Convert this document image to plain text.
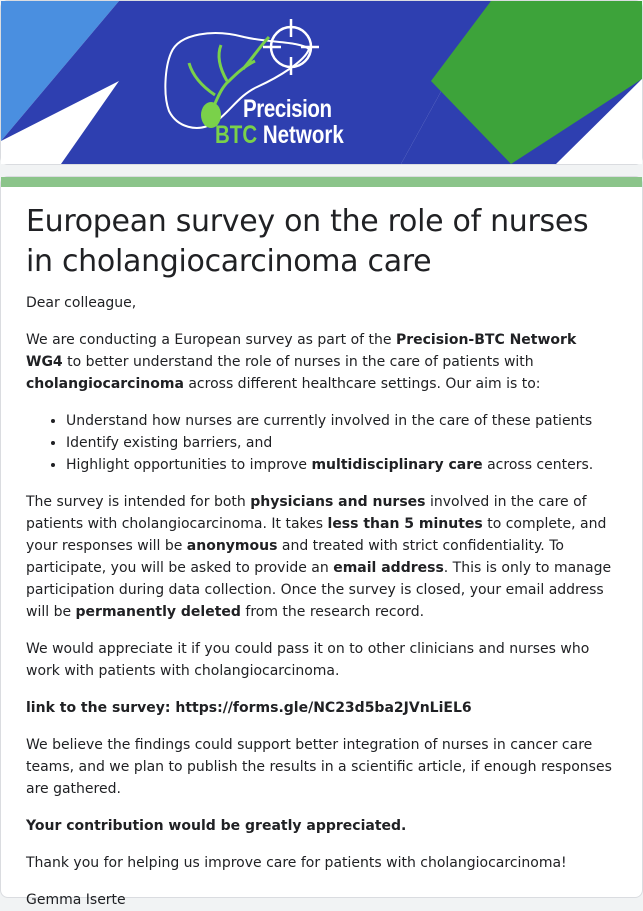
Precision
BTC Network
European survey on the role of nurses in cholangiocarcinoma care

Dear colleague,

We are conducting a European survey as part of the Precision-BTC Network WG4 to better understand the role of nurses in the care of patients with cholangiocarcinoma across different healthcare settings. Our aim is to:

• Understand how nurses are currently involved in the care of these patients
• Identify existing barriers, and
• Highlight opportunities to improve multidisciplinary care across centers.

The survey is intended for both physicians and nurses involved in the care of patients with cholangiocarcinoma. It takes less than 5 minutes to complete, and your responses will be anonymous and treated with strict confidentiality. To participate, you will be asked to provide an email address. This is only to manage participation during data collection. Once the survey is closed, your email address will be permanently deleted from the research record.

We would appreciate it if you could pass it on to other clinicians and nurses who work with patients with cholangiocarcinoma.

link to the survey: https://forms.gle/NC23d5ba2JVnLiEL6

We believe the findings could support better integration of nurses in cancer care teams, and we plan to publish the results in a scientific article, if enough responses are gathered.

Your contribution would be greatly appreciated.

Thank you for helping us improve care for patients with cholangiocarcinoma!

Gemma Iserte
